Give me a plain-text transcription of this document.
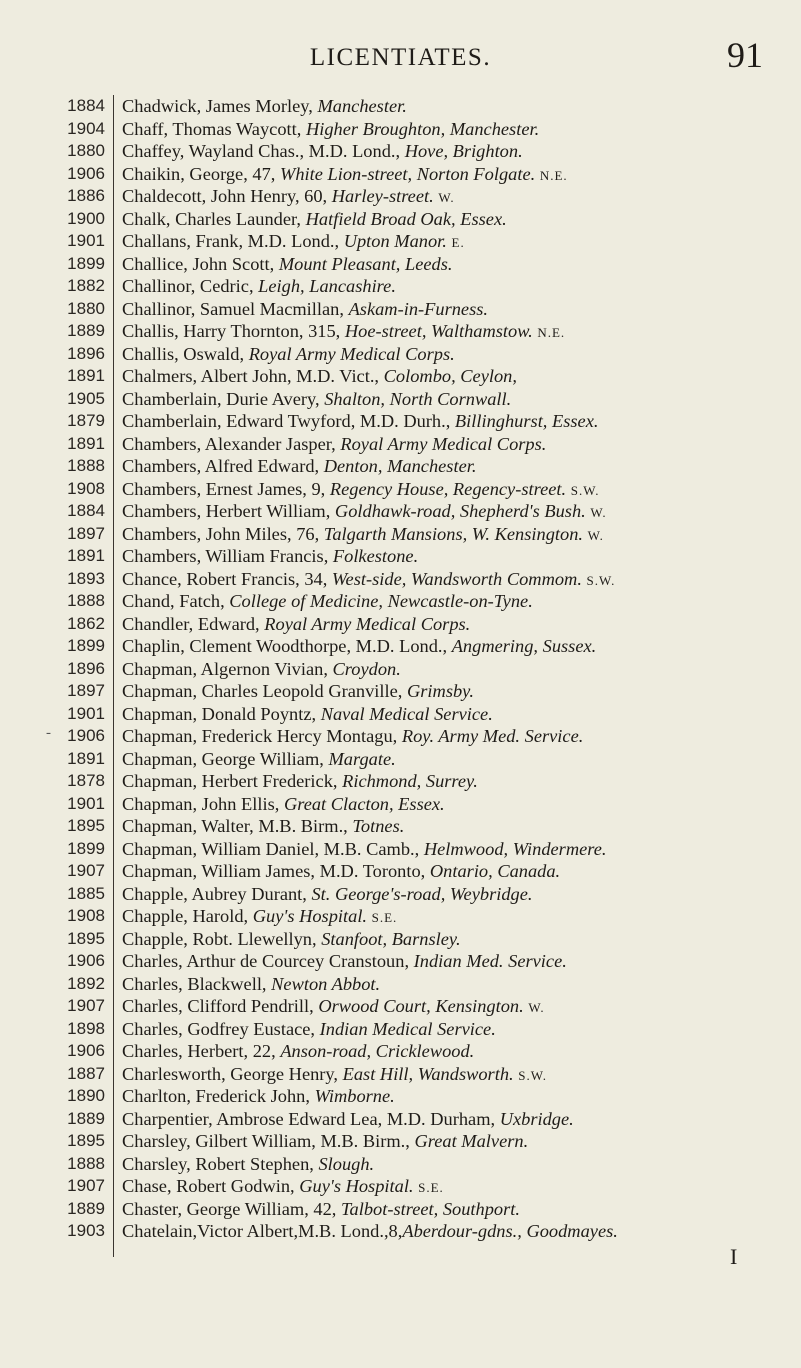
LICENTIATES.	91
-
1884 Chadwick, James Morley, Manchester.
1904 Chaff, Thomas Waycott, Higher Broughton, Manchester.
1880 Chaffey, Wayland Chas., M.D. Lond., Hove, Brighton.
1906 Chaikin, George, 47, White Lion-street, Norton Folgate. N.E.
1886 Chaldecott, John Henry, 60, Harley-street. W.
1900 Chalk, Charles Launder, Hatfield Broad Oak, Essex.
1901 Challans, Frank, M.D. Lond., Upton Manor. E.
1899 Challice, John Scott, Mount Pleasant, Leeds.
1882 Challinor, Cedric, Leigh, Lancashire.
1880 Challinor, Samuel Macmillan, Askam-in-Furness.
1889 Challis, Harry Thornton, 315, Hoe-street, Walthamstow. N.E.
1896 Challis, Oswald, Royal Army Medical Corps.
1891 Chalmers, Albert John, M.D. Vict., Colombo, Ceylon,
1905 Chamberlain, Durie Avery, Shalton, North Cornwall.
1879 Chamberlain, Edward Twyford, M.D. Durh., Billinghurst, Essex.
1891 Chambers, Alexander Jasper, Royal Army Medical Corps.
1888 Chambers, Alfred Edward, Denton, Manchester.
1908 Chambers, Ernest James, 9, Regency House, Regency-street. S.W.
1884 Chambers, Herbert William, Goldhawk-road, Shepherd's Bush. W.
1897 Chambers, John Miles, 76, Talgarth Mansions, W. Kensington. W.
1891 Chambers, William Francis, Folkestone.
1893 Chance, Robert Francis, 34, West-side, Wandsworth Commom. S.W.
1888 Chand, Fatch, College of Medicine, Newcastle-on-Tyne.
1862 Chandler, Edward, Royal Army Medical Corps.
1899 Chaplin, Clement Woodthorpe, M.D. Lond., Angmering, Sussex.
1896 Chapman, Algernon Vivian, Croydon.
1897 Chapman, Charles Leopold Granville, Grimsby.
1901 Chapman, Donald Poyntz, Naval Medical Service.
1906 Chapman, Frederick Hercy Montagu, Roy. Army Med. Service.
1891 Chapman, George William, Margate.
1878 Chapman, Herbert Frederick, Richmond, Surrey.
1901 Chapman, John Ellis, Great Clacton, Essex.
1895 Chapman, Walter, M.B. Birm., Totnes.
1899 Chapman, William Daniel, M.B. Camb., Helmwood, Windermere.
1907 Chapman, William James, M.D. Toronto, Ontario, Canada.
1885 Chapple, Aubrey Durant, St. George's-road, Weybridge.
1908 Chapple, Harold, Guy's Hospital. S.E.
1895 Chapple, Robt. Llewellyn, Stanfoot, Barnsley.
1906 Charles, Arthur de Courcey Cranstoun, Indian Med. Service.
1892 Charles, Blackwell, Newton Abbot.
1907 Charles, Clifford Pendrill, Orwood Court, Kensington. W.
1898 Charles, Godfrey Eustace, Indian Medical Service.
1906 Charles, Herbert, 22, Anson-road, Cricklewood.
1887 Charlesworth, George Henry, East Hill, Wandsworth. S.W.
1890 Charlton, Frederick John, Wimborne.
1889 Charpentier, Ambrose Edward Lea, M.D. Durham, Uxbridge.
1895 Charsley, Gilbert William, M.B. Birm., Great Malvern.
1888 Charsley, Robert Stephen, Slough.
1907 Chase, Robert Godwin, Guy's Hospital. S.E.
1889 Chaster, George William, 42, Talbot-street, Southport.
1903 Chatelain,Victor Albert,M.B. Lond.,8,Aberdour-gdns., Goodmayes.
I
